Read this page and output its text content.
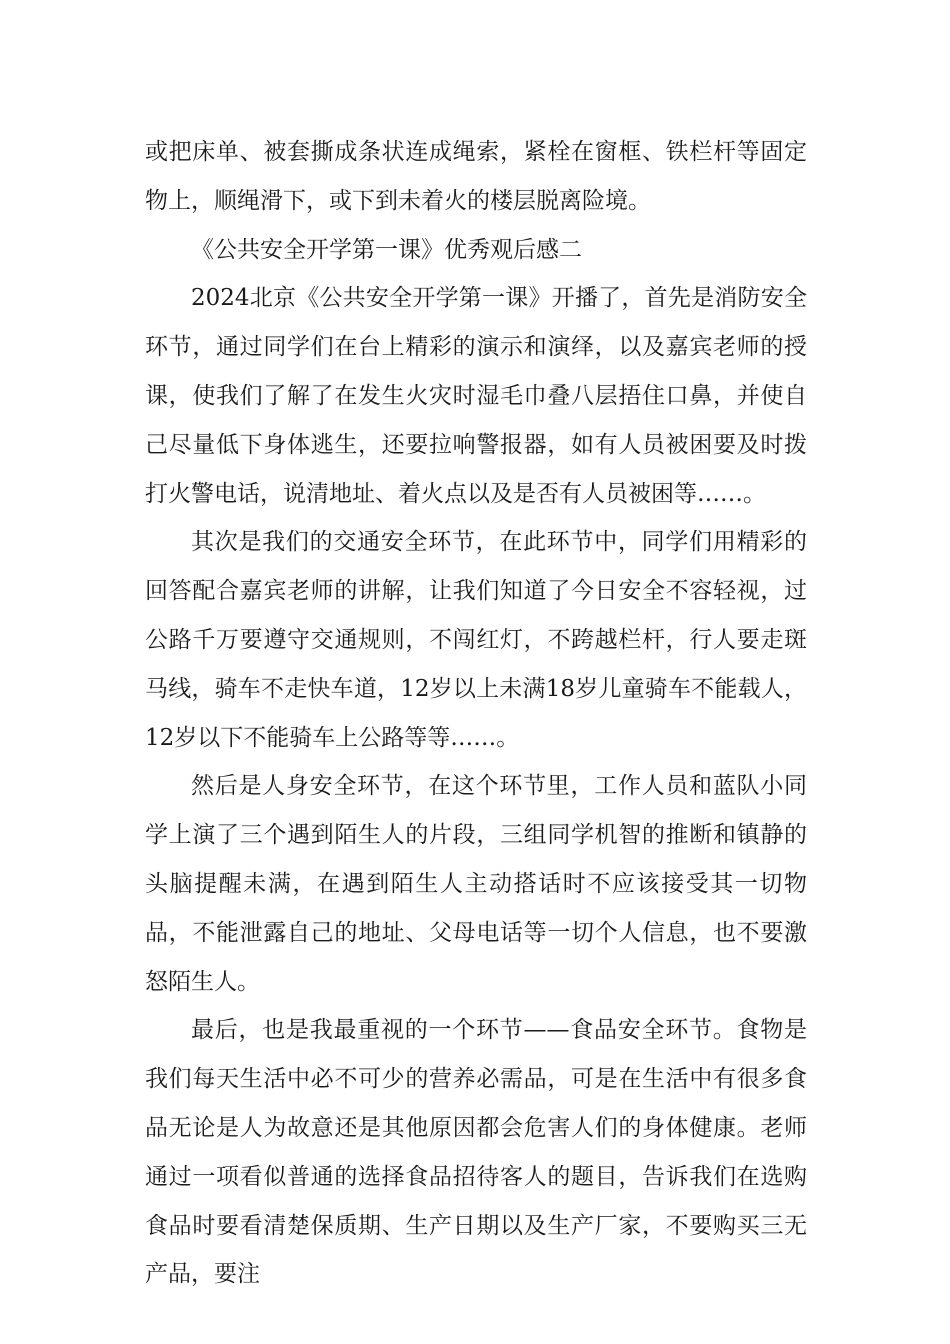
或把床单、被套撕成条状连成绳索，紧栓在窗框、铁栏杆等固定物上，顺绳滑下，或下到未着火的楼层脱离险境。

《公共安全开学第一课》优秀观后感二

2024北京《公共安全开学第一课》开播了，首先是消防安全环节，通过同学们在台上精彩的演示和演绎，以及嘉宾老师的授课，使我们了解了在发生火灾时湿毛巾叠八层捂住口鼻，并使自己尽量低下身体逃生，还要拉响警报器，如有人员被困要及时拨打火警电话，说清地址、着火点以及是否有人员被困等……。

其次是我们的交通安全环节，在此环节中，同学们用精彩的回答配合嘉宾老师的讲解，让我们知道了今日安全不容轻视，过公路千万要遵守交通规则，不闯红灯，不跨越栏杆，行人要走斑马线，骑车不走快车道，12岁以上未满18岁儿童骑车不能载人，12岁以下不能骑车上公路等等……。

然后是人身安全环节，在这个环节里，工作人员和蓝队小同学上演了三个遇到陌生人的片段，三组同学机智的推断和镇静的头脑提醒未满，在遇到陌生人主动搭话时不应该接受其一切物品，不能泄露自己的地址、父母电话等一切个人信息，也不要激怒陌生人。

最后，也是我最重视的一个环节——食品安全环节。食物是我们每天生活中必不可少的营养必需品，可是在生活中有很多食品无论是人为故意还是其他原因都会危害人们的身体健康。老师通过一项看似普通的选择食品招待客人的题目，告诉我们在选购食品时要看清楚保质期、生产日期以及生产厂家，不要购买三无产品，要注
